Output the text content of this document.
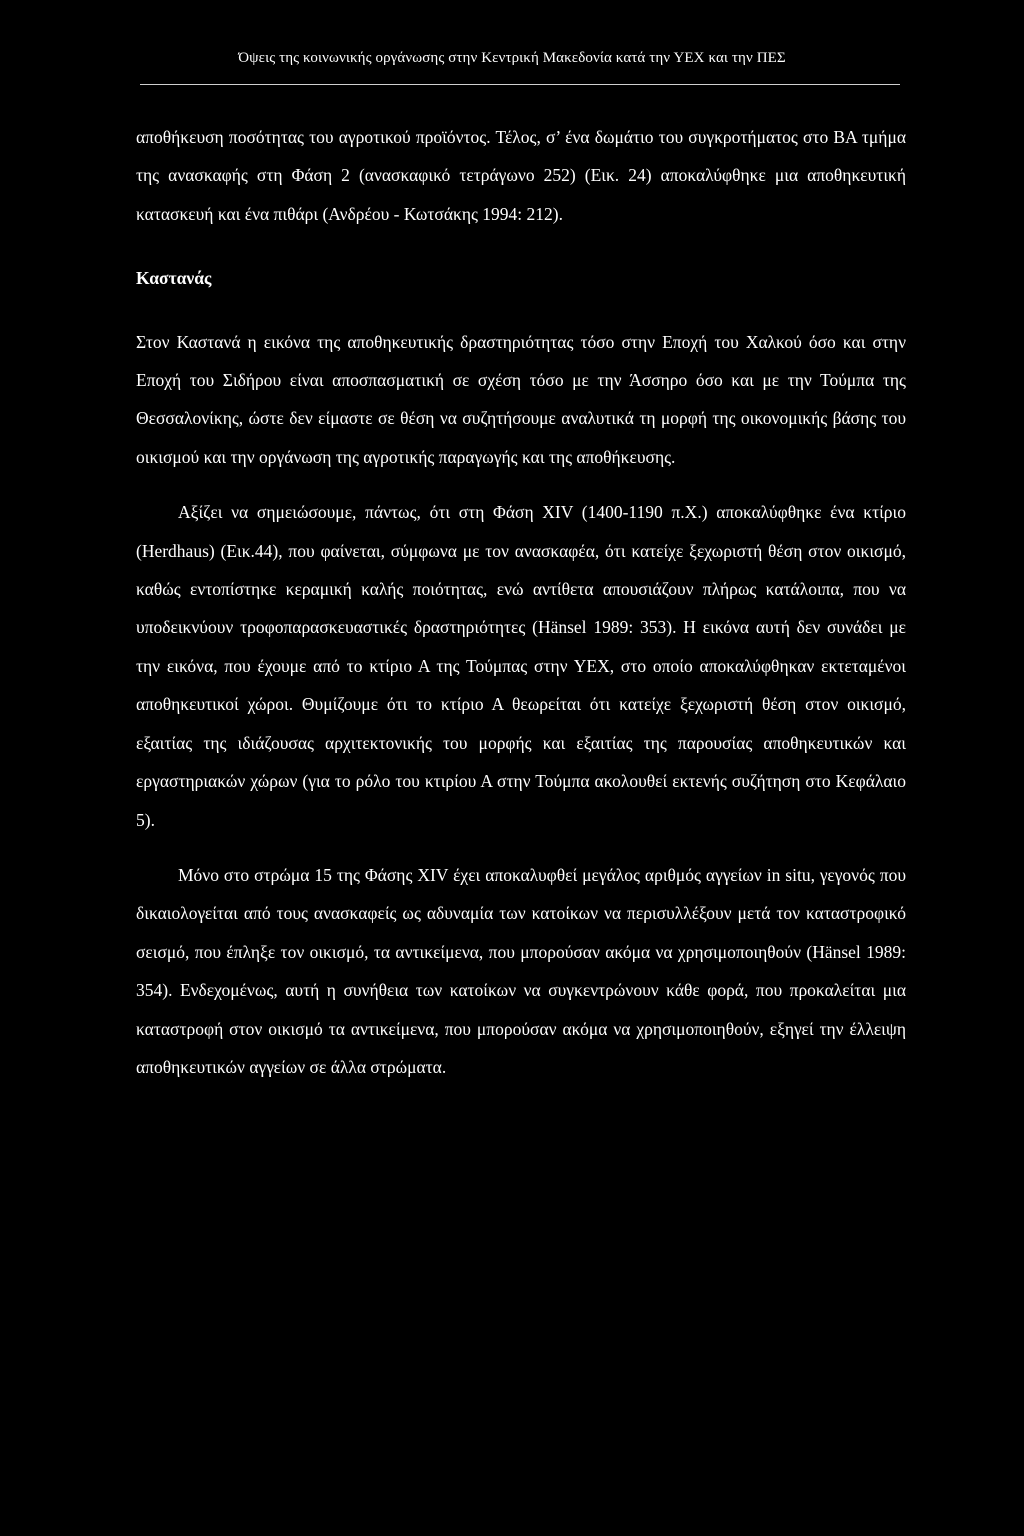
Όψεις της κοινωνικής οργάνωσης στην Κεντρική Μακεδονία κατά την ΥΕΧ και την ΠΕΣ

αποθήκευση ποσότητας του αγροτικού προϊόντος. Τέλος, σ’ ένα δωμάτιο του συγκροτήματος στο ΒΑ τμήμα της ανασκαφής στη Φάση 2 (ανασκαφικό τετράγωνο 252) (Εικ. 24) αποκαλύφθηκε μια αποθηκευτική κατασκευή και ένα πιθάρι (Ανδρέου - Κωτσάκης 1994: 212).

Καστανάς

Στον Καστανά η εικόνα της αποθηκευτικής δραστηριότητας τόσο στην Εποχή του Χαλκού όσο και στην Εποχή του Σιδήρου είναι αποσπασματική σε σχέση τόσο με την Άσσηρο όσο και με την Τούμπα της Θεσσαλονίκης, ώστε δεν είμαστε σε θέση να συζητήσουμε αναλυτικά τη μορφή της οικονομικής βάσης του οικισμού και την οργάνωση της αγροτικής παραγωγής και της αποθήκευσης.

Αξίζει να σημειώσουμε, πάντως, ότι στη Φάση XIV (1400-1190 π.Χ.) αποκαλύφθηκε ένα κτίριο (Herdhaus) (Εικ.44), που φαίνεται, σύμφωνα με τον ανασκαφέα, ότι κατείχε ξεχωριστή θέση στον οικισμό, καθώς εντοπίστηκε κεραμική καλής ποιότητας, ενώ αντίθετα απουσιάζουν πλήρως κατάλοιπα, που να υποδεικνύουν τροφοπαρασκευαστικές δραστηριότητες (Hänsel 1989: 353). Η εικόνα αυτή δεν συνάδει με την εικόνα, που έχουμε από το κτίριο Α της Τούμπας στην ΥΕΧ, στο οποίο αποκαλύφθηκαν εκτεταμένοι αποθηκευτικοί χώροι. Θυμίζουμε ότι το κτίριο Α θεωρείται ότι κατείχε ξεχωριστή θέση στον οικισμό, εξαιτίας της ιδιάζουσας αρχιτεκτονικής του μορφής και εξαιτίας της παρουσίας αποθηκευτικών και εργαστηριακών χώρων (για το ρόλο του κτιρίου Α στην Τούμπα ακολουθεί εκτενής συζήτηση στο Κεφάλαιο 5).

Μόνο στο στρώμα 15 της Φάσης XIV έχει αποκαλυφθεί μεγάλος αριθμός αγγείων in situ, γεγονός που δικαιολογείται από τους ανασκαφείς ως αδυναμία των κατοίκων να περισυλλέξουν μετά τον καταστροφικό σεισμό, που έπληξε τον οικισμό, τα αντικείμενα, που μπορούσαν ακόμα να χρησιμοποιηθούν (Hänsel 1989: 354). Ενδεχομένως, αυτή η συνήθεια των κατοίκων να συγκεντρώνουν κάθε φορά, που προκαλείται μια καταστροφή στον οικισμό τα αντικείμενα, που μπορούσαν ακόμα να χρησιμοποιηθούν, εξηγεί την έλλειψη αποθηκευτικών αγγείων σε άλλα στρώματα.
